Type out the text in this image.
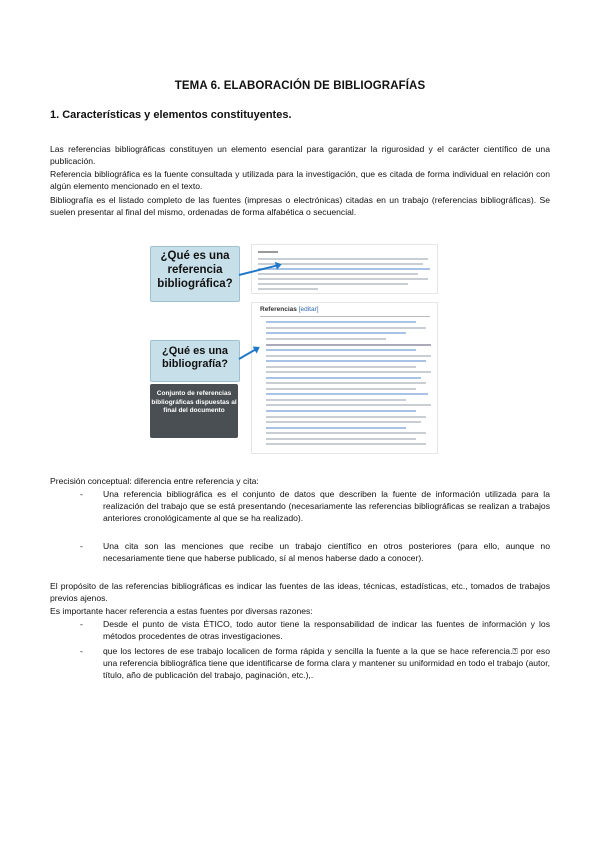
TEMA 6. ELABORACIÓN DE BIBLIOGRAFÍAS
1. Características y elementos constituyentes.

Las referencias bibliográficas constituyen un elemento esencial para garantizar la rigurosidad y el carácter científico de una publicación.

Referencia bibliográfica es la fuente consultada y utilizada para la investigación, que es citada de forma individual en relación con algún elemento mencionado en el texto.

Bibliografía es el listado completo de las fuentes (impresas o electrónicas) citadas en un trabajo (referencias bibliográficas). Se suelen presentar al final del mismo, ordenadas de forma alfabética o secuencial.

¿Qué es una referencia bibliográfica?
¿Qué es una bibliografía?
Conjunto de referencias bibliográficas dispuestas al final del documento
Referencias [editar]

Precisión conceptual: diferencia entre referencia y cita:

- Una referencia bibliográfica es el conjunto de datos que describen la fuente de información utilizada para la realización del trabajo que se está presentando (necesariamente las referencias bibliográficas se realizan a trabajos anteriores cronológicamente al que se ha realizado).
- Una cita son las menciones que recibe un trabajo científico en otros posteriores (para ello, aunque no necesariamente tiene que haberse publicado, sí al menos haberse dado a conocer).

El propósito de las referencias bibliográficas es indicar las fuentes de las ideas, técnicas, estadísticas, etc., tomados de trabajos previos ajenos.

Es importante hacer referencia a estas fuentes por diversas razones:

- Desde el punto de vista ÉTICO, todo autor tiene la responsabilidad de indicar las fuentes de información y los métodos procedentes de otras investigaciones.
- que los lectores de ese trabajo localicen de forma rápida y sencilla la fuente a la que se hace referencia.⍰ por eso una referencia bibliográfica tiene que identificarse de forma clara y mantener su uniformidad en todo el trabajo (autor, título, año de publicación del trabajo, paginación, etc.),.
